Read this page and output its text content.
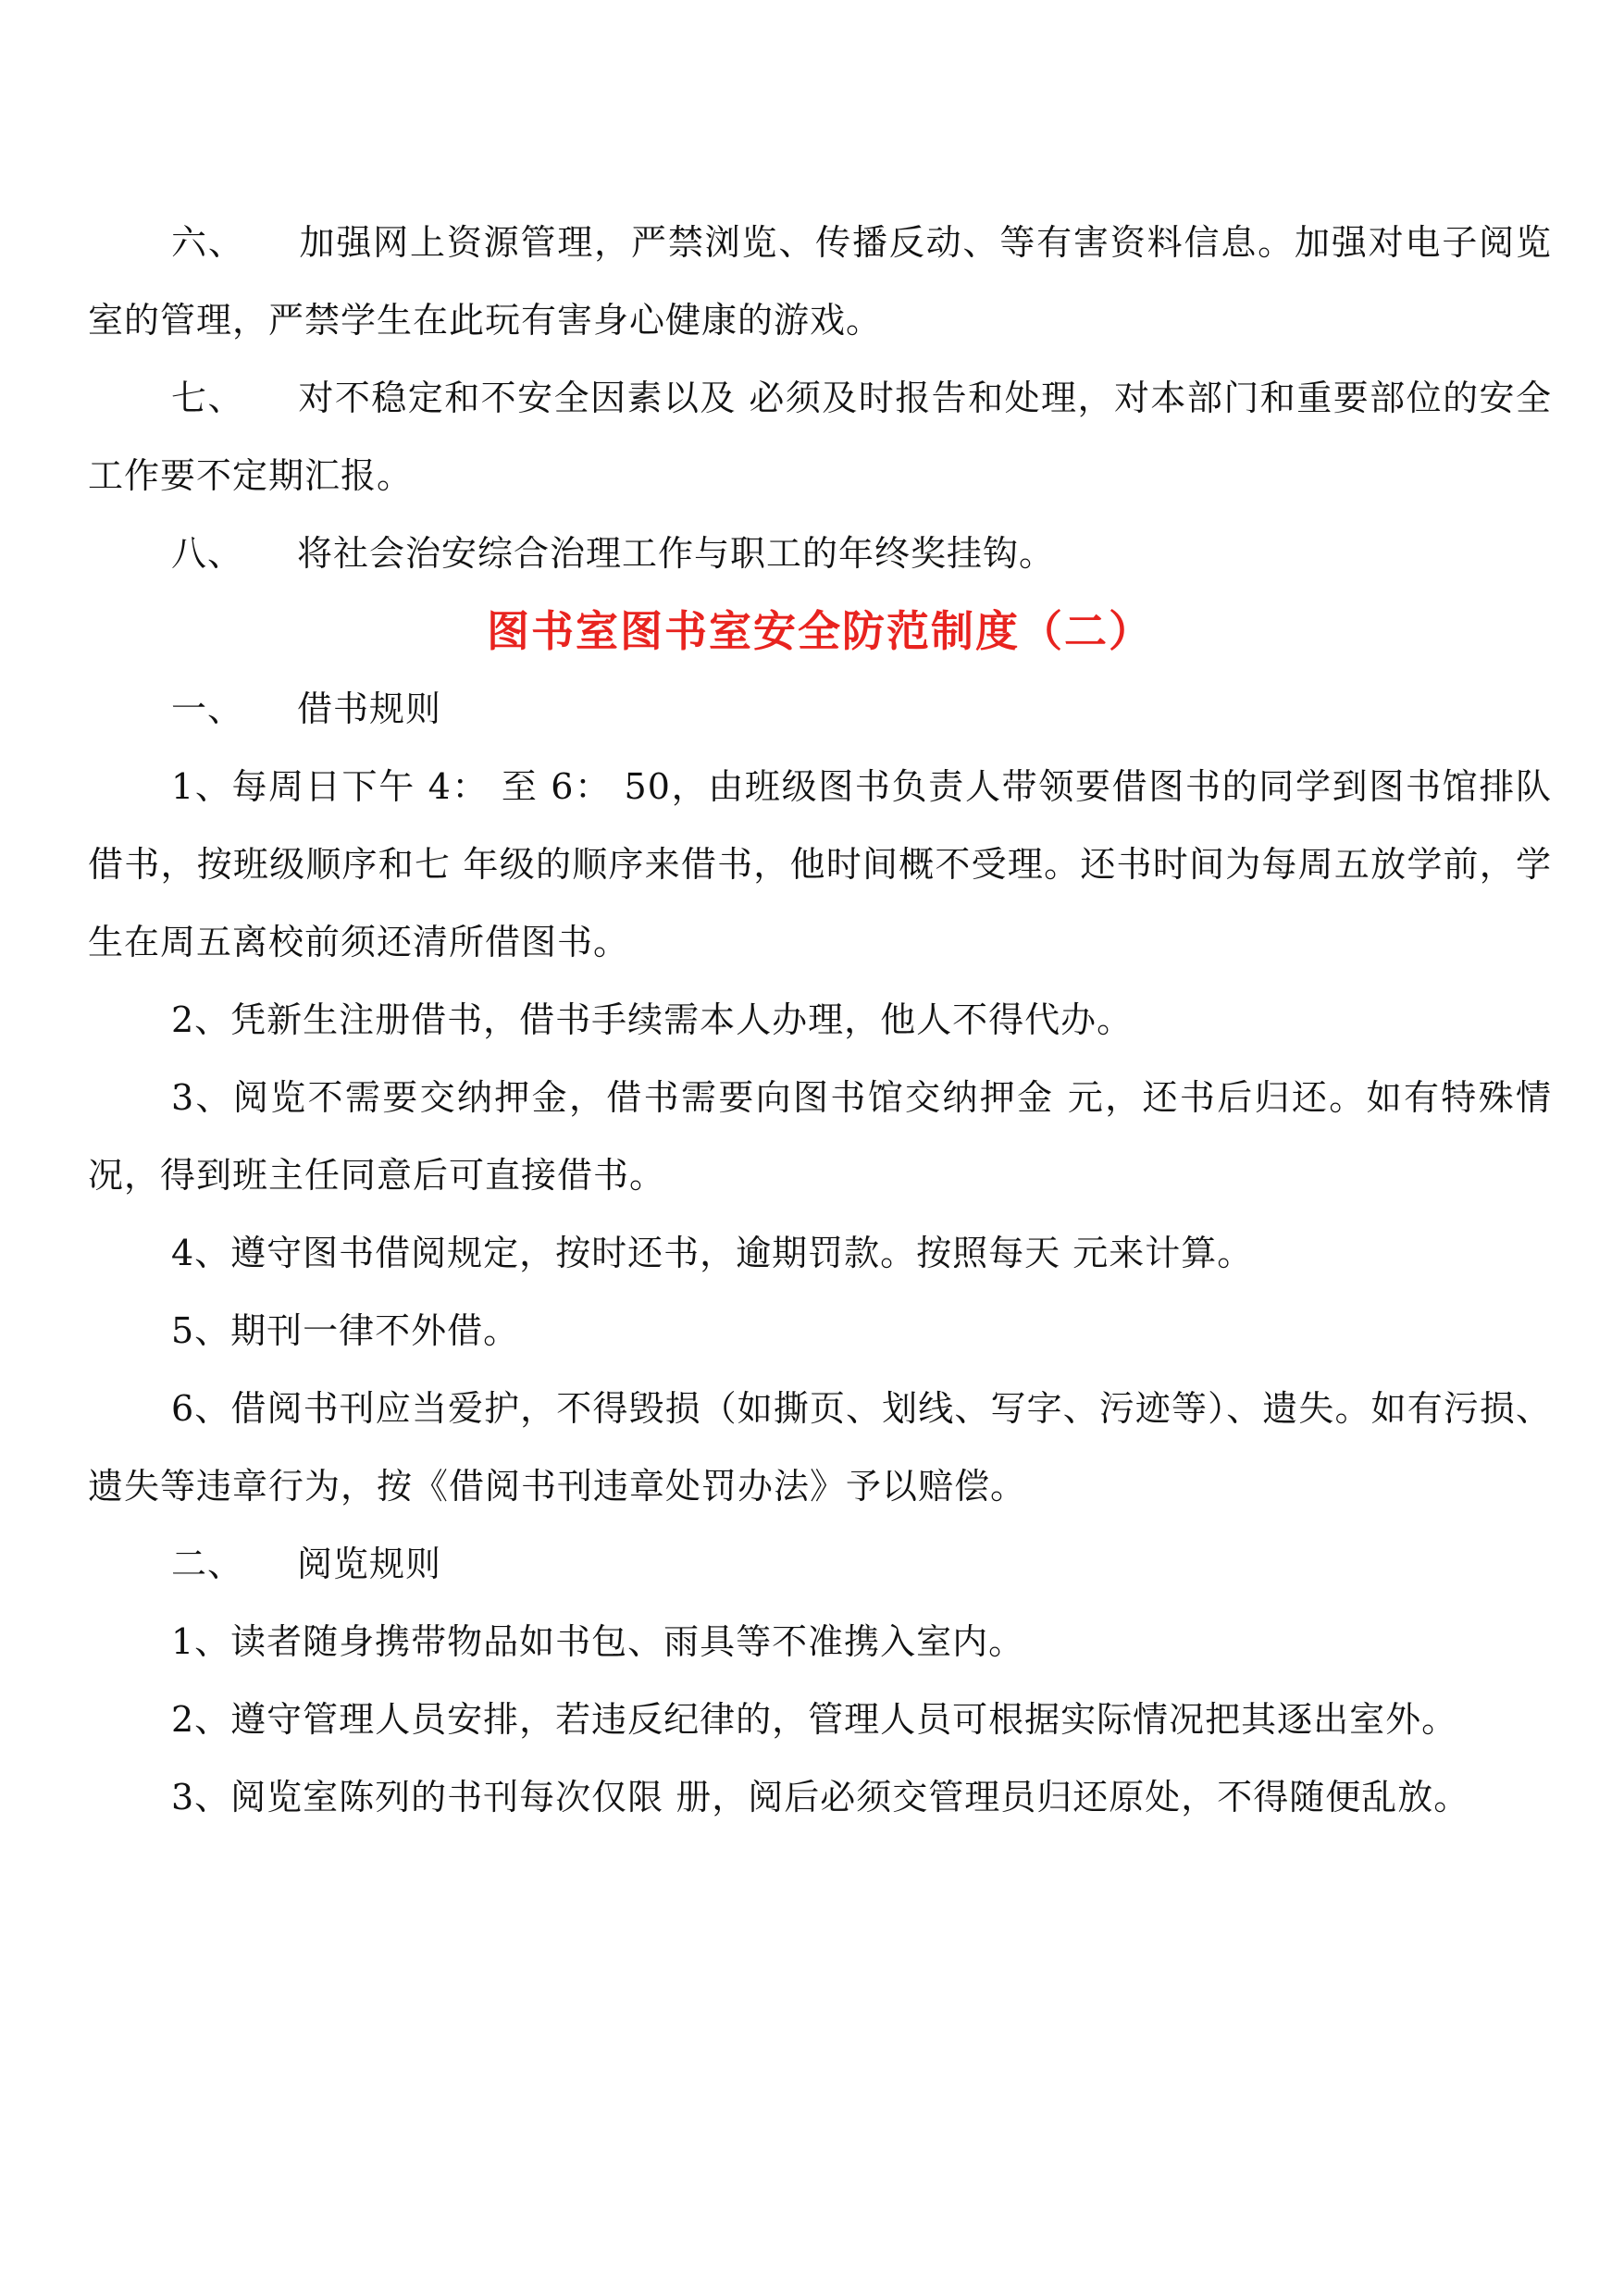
六、 加强网上资源管理，严禁浏览、传播反动、等有害资料信息。加强对电子阅览室的管理，严禁学生在此玩有害身心健康的游戏。

七、 对不稳定和不安全因素以及 必须及时报告和处理，对本部门和重要部位的安全工作要不定期汇报。

八、 将社会治安综合治理工作与职工的年终奖挂钩。

图书室图书室安全防范制度（二）

一、 借书规则

1、每周日下午 4： 至 6： 50，由班级图书负责人带领要借图书的同学到图书馆排队借书，按班级顺序和七 年级的顺序来借书，他时间概不受理。还书时间为每周五放学前，学生在周五离校前须还清所借图书。

2、凭新生注册借书，借书手续需本人办理，他人不得代办。

3、阅览不需要交纳押金，借书需要向图书馆交纳押金 元，还书后归还。如有特殊情况，得到班主任同意后可直接借书。

4、遵守图书借阅规定，按时还书，逾期罚款。按照每天 元来计算。

5、期刊一律不外借。

6、借阅书刊应当爱护，不得毁损（如撕页、划线、写字、污迹等）、遗失。如有污损、遗失等违章行为，按《借阅书刊违章处罚办法》予以赔偿。

二、 阅览规则

1、读者随身携带物品如书包、雨具等不准携入室内。

2、遵守管理人员安排，若违反纪律的，管理人员可根据实际情况把其逐出室外。

3、阅览室陈列的书刊每次仅限 册，阅后必须交管理员归还原处，不得随便乱放。
